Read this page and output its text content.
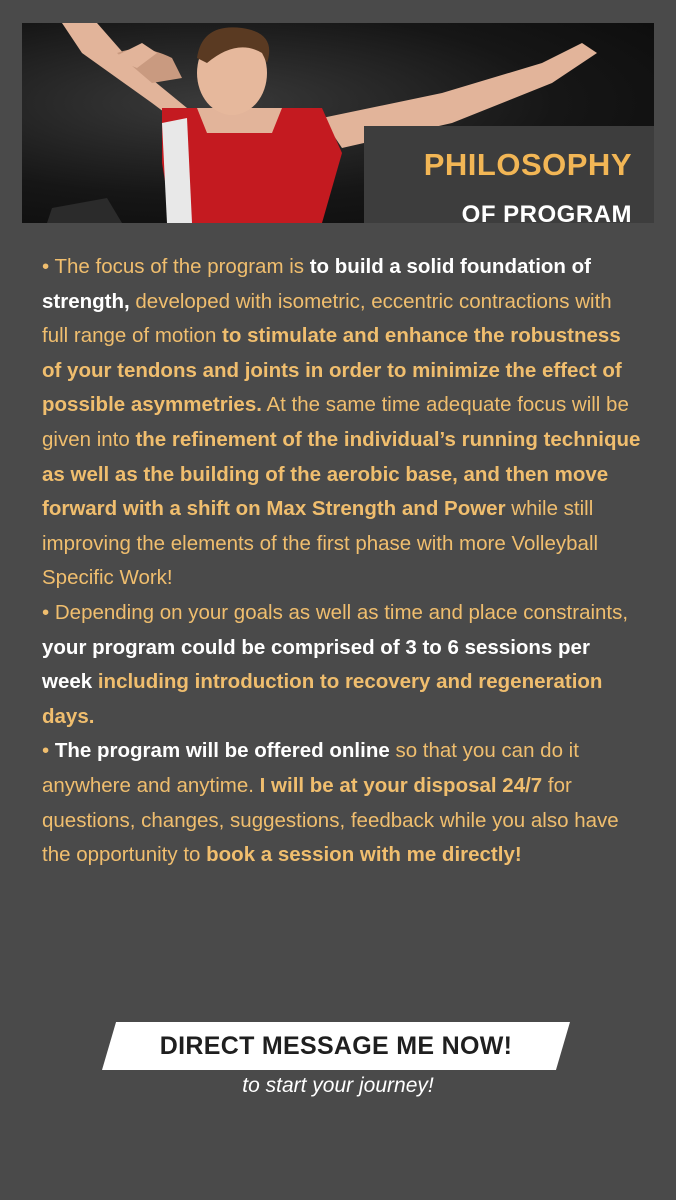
PHILOSOPHY
OF PROGRAM

• The focus of the program is to build a solid foundation of strength, developed with isometric, eccentric contractions with full range of motion to stimulate and enhance the robustness of your tendons and joints in order to minimize the effect of possible asymmetries. At the same time adequate focus will be given into the refinement of the individual’s running technique as well as the building of the aerobic base, and then move forward with a shift on Max Strength and Power while still improving the elements of the first phase with more Volleyball Specific Work!

• Depending on your goals as well as time and place constraints, your program could be comprised of 3 to 6 sessions per week including introduction to recovery and regeneration days.

• The program will be offered online so that you can do it anywhere and anytime. I will be at your disposal 24/7 for questions, changes, suggestions, feedback while you also have the opportunity to book a session with me directly!

DIRECT MESSAGE ME NOW!
to start your journey!
